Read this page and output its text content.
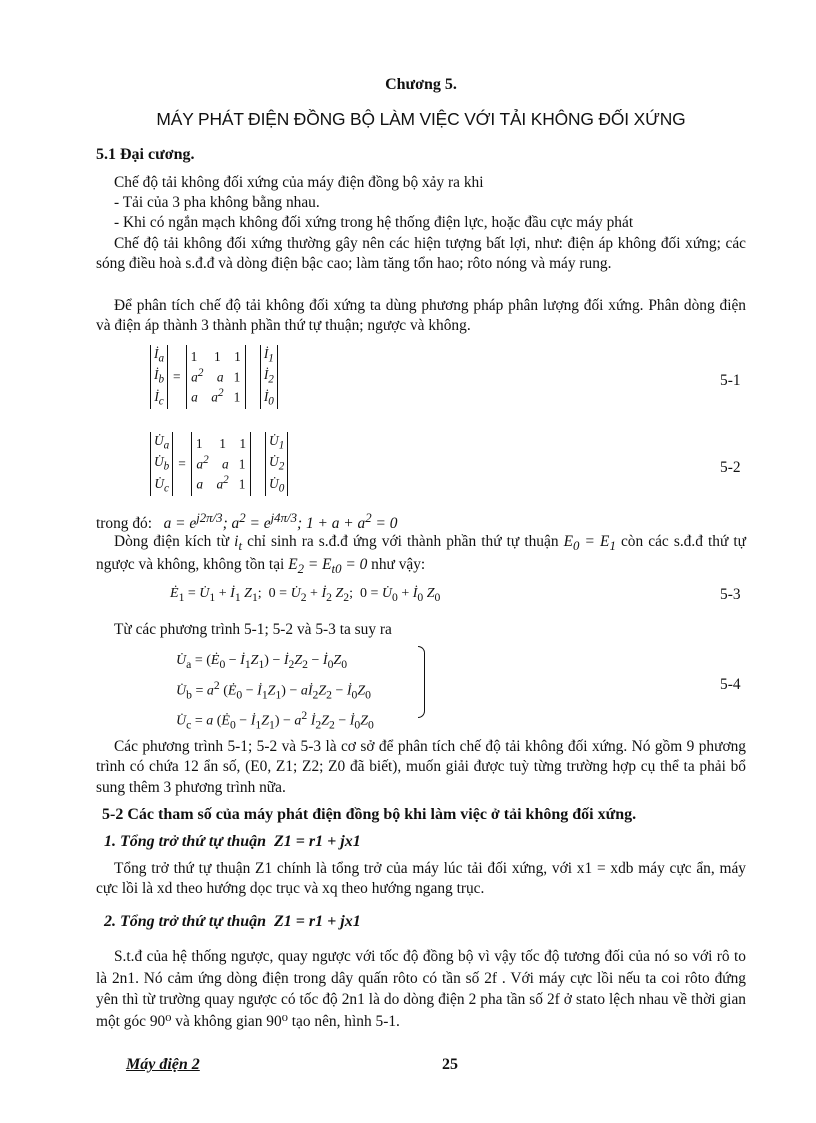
Chương 5.
MÁY PHÁT ĐIỆN ĐỒNG BỘ LÀM VIỆC VỚI TẢI KHÔNG ĐỐI XỨNG
5.1 Đại cương.
Chế độ tải không đối xứng của máy điện đồng bộ xảy ra khi
- Tải của 3 pha không bằng nhau.
- Khi có ngắn mạch không đối xứng trong hệ thống điện lực, hoặc đầu cực máy phát
Chế độ tải không đối xứng thường gây nên các hiện tượng bất lợi, như: điện áp không đối xứng; các sóng điều hoà s.đ.đ và dòng điện bậc cao; làm tăng tổn hao; rôto nóng và máy rung.
Để phân tích chế độ tải không đối xứng ta dùng phương pháp phân lượng đối xứng. Phân dòng điện và điện áp thành 3 thành phần thứ tự thuận; ngược và không.
$İ_a$
$İ_b$
$İ_c$	=	1     1    1
$a^2$    a   1
a    $a^2$ 1		$İ_1$
$İ_2$
$İ_0$
5-1
$U̇_a$
$U̇_b$
$U̇_c$	=	1     1    1
$a^2$    a   1
a    $a^2$ 1		$U̇_1$
$U̇_2$
$U̇_0$
5-2
trong đó:   $a = e^{j2\pi/3}$; $a^2 = e^{j4\pi/3}$; $1 + a + a^2 = 0$
Dòng điện kích từ $i_t$ chỉ sinh ra s.đ.đ ứng với thành phần thứ tự thuận $E_0 = E_1$ còn các s.đ.đ thứ tự ngược và không, không tồn tại $E_2 = E_{t0} = 0$ như vậy:
$Ė_1$ = $U̇_1$ + $İ_1$ $Z_1$;  $0 = U̇_2$ + $İ_2$ $Z_2$;  $0 = U̇_0$ + $İ_0$ $Z_0$	5-3
Từ các phương trình 5-1; 5-2 và 5-3 ta suy ra
$U̇_a$ = ($Ė_0$ − $İ_1Z_1$) − $İ_2Z_2$ − $İ_0Z_0$
$U̇_b = a^2$ ($Ė_0$ − $İ_1Z_1$) − $aİ_2Z_2$ − $İ_0Z_0$
$U̇_c = a$ ($Ė_0$ − $İ_1Z_1) - a^2$ $İ_2Z_2$ − $İ_0Z_0$
5-4
Các phương trình 5-1; 5-2 và 5-3 là cơ sở để phân tích chế độ tải không đối xứng. Nó gồm 9 phương trình có chứa 12 ẩn số, (E0, Z1; Z2; Z0 đã biết), muốn giải được tuỳ từng trường hợp cụ thể ta phải bổ sung thêm 3 phương trình nữa.
5-2 Các tham số của máy phát điện đồng bộ khi làm việc ở tải không đối xứng.
1. Tổng trở thứ tự thuận Z1 = r1 + jx1
Tổng trở thứ tự thuận Z1 chính là tổng trở của máy lúc tải đối xứng, với x1 = xdb máy cực ẩn, máy cực lồi là xd theo hướng dọc trục và xq theo hướng ngang trục.
2. Tổng trở thứ tự thuận Z1 = r1 + jx1
S.t.đ của hệ thống ngược, quay ngược với tốc độ đồng bộ vì vậy tốc độ tương đối của nó so với rô to là 2n1. Nó cảm ứng dòng điện trong dây quấn rôto có tần số 2f . Với máy cực lồi nếu ta coi rôto đứng yên thì từ trường quay ngược có tốc độ 2n1 là do dòng điện 2 pha tần số 2f ở stato lệch nhau về thời gian một góc 90⁰ và không gian 90⁰ tạo nên, hình 5-1.
Máy điện 2	25
